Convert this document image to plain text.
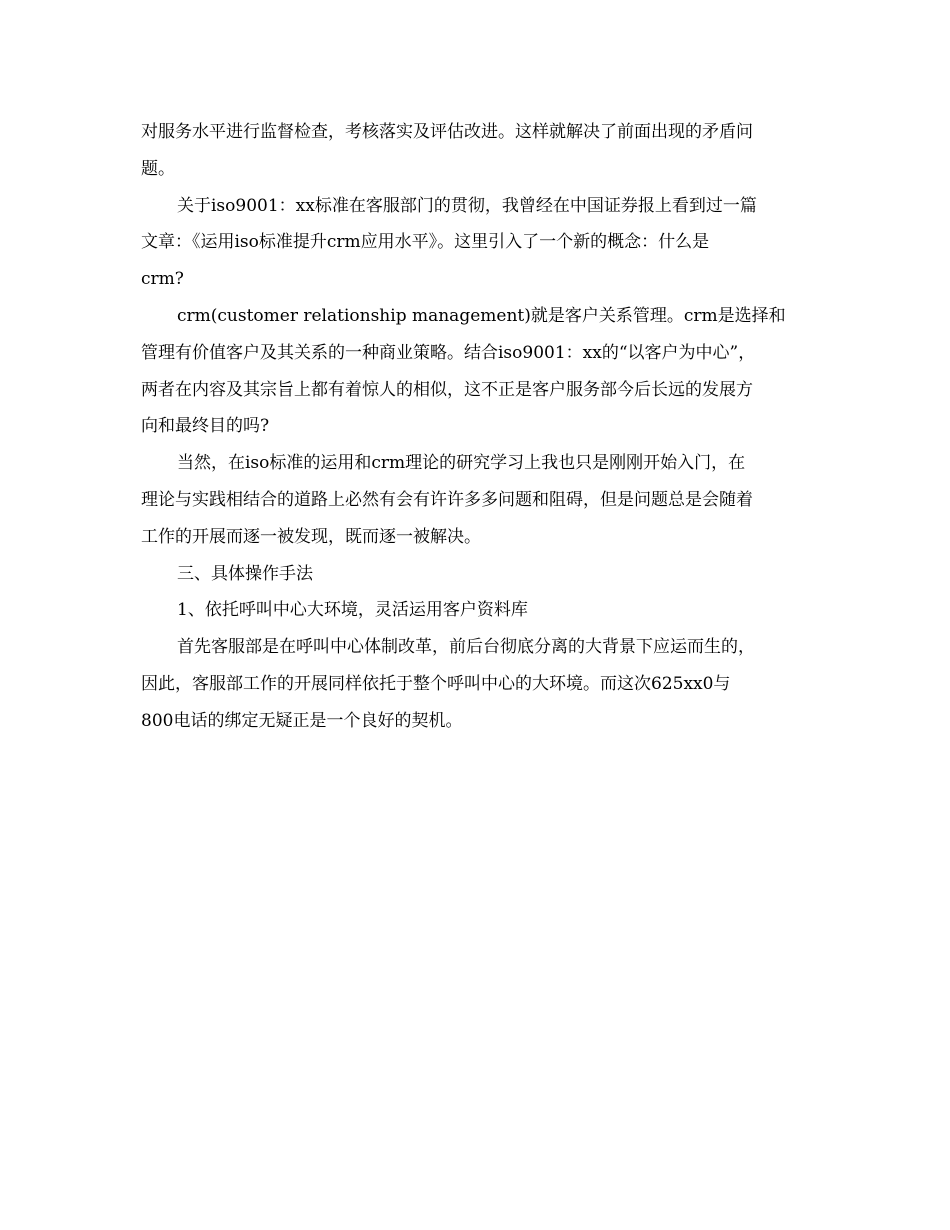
对服务水平进行监督检查，考核落实及评估改进。这样就解决了前面出现的矛盾问
题。
关于iso9001：xx标准在客服部门的贯彻，我曾经在中国证券报上看到过一篇
文章：《运用iso标准提升crm应用水平》。这里引入了一个新的概念：什么是
crm?
crm(customer relationship management)就是客户关系管理。crm是选择和
管理有价值客户及其关系的一种商业策略。结合iso9001：xx的“以客户为中心”，
两者在内容及其宗旨上都有着惊人的相似，这不正是客户服务部今后长远的发展方
向和最终目的吗?
当然，在iso标准的运用和crm理论的研究学习上我也只是刚刚开始入门，在
理论与实践相结合的道路上必然有会有许许多多问题和阻碍，但是问题总是会随着
工作的开展而逐一被发现，既而逐一被解决。
三、具体操作手法
1、依托呼叫中心大环境，灵活运用客户资料库
首先客服部是在呼叫中心体制改革，前后台彻底分离的大背景下应运而生的，
因此，客服部工作的开展同样依托于整个呼叫中心的大环境。而这次625xx0与
800电话的绑定无疑正是一个良好的契机。
